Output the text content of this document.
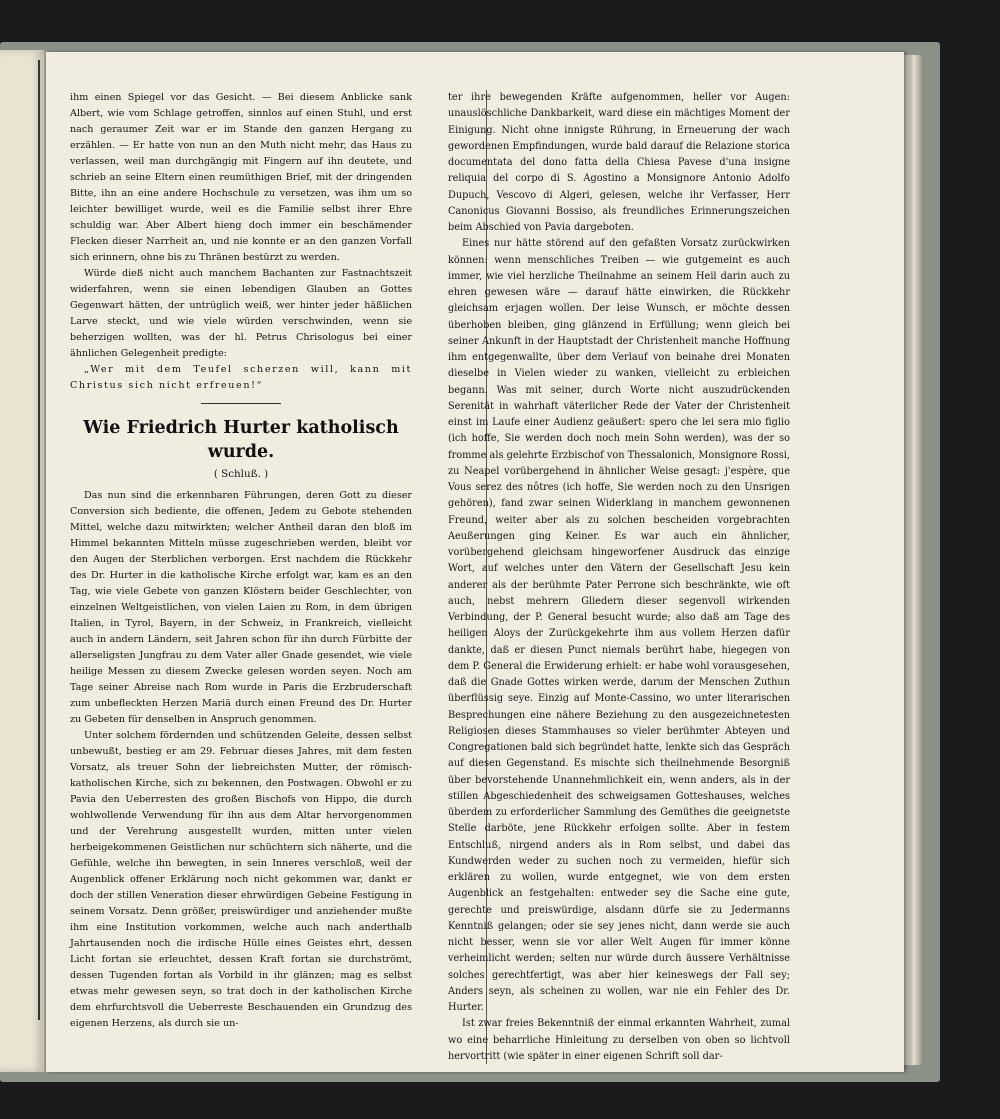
ihm einen Spiegel vor das Gesicht. — Bei diesem Anblicke sank Albert, wie vom Schlage getroffen, sinnlos auf einen Stuhl, und erst nach geraumer Zeit war er im Stande den ganzen Hergang zu erzählen. — Er hatte von nun an den Muth nicht mehr, das Haus zu verlassen, weil man durchgängig mit Fingern auf ihn deutete, und schrieb an seine Eltern einen reumüthigen Brief, mit der dringenden Bitte, ihn an eine andere Hochschule zu versetzen, was ihm um so leichter bewilliget wurde, weil es die Familie selbst ihrer Ehre schuldig war. Aber Albert hieng doch immer ein beschämender Flecken dieser Narrheit an, und nie konnte er an den ganzen Vorfall sich erinnern, ohne bis zu Thränen bestürzt zu werden.

Würde dieß nicht auch manchem Bachanten zur Fastnachtszeit widerfahren, wenn sie einen lebendigen Glauben an Gottes Gegenwart hätten, der untrüglich weiß, wer hinter jeder häßlichen Larve steckt, und wie viele würden verschwinden, wenn sie beherzigen wollten, was der hl. Petrus Chrisologus bei einer ähnlichen Gelegenheit predigte:

„Wer mit dem Teufel scherzen will, kann mit Christus sich nicht erfreuen!“

Wie Friedrich Hurter katholisch wurde.
( Schluß. )

Das nun sind die erkennbaren Führungen, deren Gott zu dieser Conversion sich bediente, die offenen, Jedem zu Gebote stehenden Mittel, welche dazu mitwirkten; welcher Antheil daran den bloß im Himmel bekannten Mitteln müsse zugeschrieben werden, bleibt vor den Augen der Sterblichen verborgen. Erst nachdem die Rückkehr des Dr. Hurter in die katholische Kirche erfolgt war, kam es an den Tag, wie viele Gebete von ganzen Klöstern beider Geschlechter, von einzelnen Weltgeistlichen, von vielen Laien zu Rom, in dem übrigen Italien, in Tyrol, Bayern, in der Schweiz, in Frankreich, vielleicht auch in andern Ländern, seit Jahren schon für ihn durch Fürbitte der allerseligsten Jungfrau zu dem Vater aller Gnade gesendet, wie viele heilige Messen zu diesem Zwecke gelesen worden seyen. Noch am Tage seiner Abreise nach Rom wurde in Paris die Erzbruderschaft zum unbefleckten Herzen Mariä durch einen Freund des Dr. Hurter zu Gebeten für denselben in Anspruch genommen.

Unter solchem fördernden und schützenden Geleite, dessen selbst unbewußt, bestieg er am 29. Februar dieses Jahres, mit dem festen Vorsatz, als treuer Sohn der liebreichsten Mutter, der römisch-katholischen Kirche, sich zu bekennen, den Postwagen. Obwohl er zu Pavia den Ueberresten des großen Bischofs von Hippo, die durch wohlwollende Verwendung für ihn aus dem Altar hervorgenommen und der Verehrung ausgestellt wurden, mitten unter vielen herbeigekommenen Geistlichen nur schüchtern sich näherte, und die Gefühle, welche ihn bewegten, in sein Inneres verschloß, weil der Augenblick offener Erklärung noch nicht gekommen war, dankt er doch der stillen Veneration dieser ehrwürdigen Gebeine Festigung in seinem Vorsatz. Denn größer, preiswürdiger und anziehender mußte ihm eine Institution vorkommen, welche auch nach anderthalb Jahrtausenden noch die irdische Hülle eines Geistes ehrt, dessen Licht fortan sie erleuchtet, dessen Kraft fortan sie durchströmt, dessen Tugenden fortan als Vorbild in ihr glänzen; mag es selbst etwas mehr gewesen seyn, so trat doch in der katholischen Kirche dem ehrfurchtsvoll die Ueberreste Beschauenden ein Grundzug des eigenen Herzens, als durch sie un-

ter ihre bewegenden Kräfte aufgenommen, heller vor Augen: unauslöschliche Dankbarkeit, ward diese ein mächtiges Moment der Einigung. Nicht ohne innigste Rührung, in Erneuerung der wach gewordenen Empfindungen, wurde bald darauf die Relazione storica documentata del dono fatta della Chiesa Pavese d'una insigne reliquia del corpo di S. Agostino a Monsignore Antonio Adolfo Dupuch, Vescovo di Algeri, gelesen, welche ihr Verfasser, Herr Canonicus Giovanni Bossiso, als freundliches Erinnerungszeichen beim Abschied von Pavia dargeboten.

Eines nur hätte störend auf den gefaßten Vorsatz zurückwirken können: wenn menschliches Treiben — wie gutgemeint es auch immer, wie viel herzliche Theilnahme an seinem Heil darin auch zu ehren gewesen wäre — darauf hätte einwirken, die Rückkehr gleichsam erjagen wollen. Der leise Wunsch, er möchte dessen überhoben bleiben, ging glänzend in Erfüllung; wenn gleich bei seiner Ankunft in der Hauptstadt der Christenheit manche Hoffnung ihm entgegenwallte, über dem Verlauf von beinahe drei Monaten dieselbe in Vielen wieder zu wanken, vielleicht zu erbleichen begann. Was mit seiner, durch Worte nicht auszudrückenden Serenität in wahrhaft väterlicher Rede der Vater der Christenheit einst im Laufe einer Audienz geäußert: spero che lei sera mio figlio (ich hoffe, Sie werden doch noch mein Sohn werden), was der so fromme als gelehrte Erzbischof von Thessalonich, Monsignore Rossi, zu Neapel vorübergehend in ähnlicher Weise gesagt: j'espère, que Vous serez des nôtres (ich hoffe, Sie werden noch zu den Unsrigen gehören), fand zwar seinen Widerklang in manchem gewonnenen Freund, weiter aber als zu solchen bescheiden vorgebrachten Aeußerungen ging Keiner. Es war auch ein ähnlicher, vorübergehend gleichsam hingeworfener Ausdruck das einzige Wort, auf welches unter den Vätern der Gesellschaft Jesu kein anderer als der berühmte Pater Perrone sich beschränkte, wie oft auch, nebst mehrern Gliedern dieser segenvoll wirkenden Verbindung, der P. General besucht wurde; also daß am Tage des heiligen Aloys der Zurückgekehrte ihm aus vollem Herzen dafür dankte, daß er diesen Punct niemals berührt habe, hiegegen von dem P. General die Erwiderung erhielt: er habe wohl vorausgesehen, daß die Gnade Gottes wirken werde, darum der Menschen Zuthun überflüssig seye. Einzig auf Monte-Cassino, wo unter literarischen Besprechungen eine nähere Beziehung zu den ausgezeichnetesten Religiosen dieses Stammhauses so vieler berühmter Abteyen und Congregationen bald sich begründet hatte, lenkte sich das Gespräch auf diesen Gegenstand. Es mischte sich theilnehmende Besorgniß über bevorstehende Unannehmlichkeit ein, wenn anders, als in der stillen Abgeschiedenheit des schweigsamen Gotteshauses, welches überdem zu erforderlicher Sammlung des Gemüthes die geeignetste Stelle darböte, jene Rückkehr erfolgen sollte. Aber in festem Entschluß, nirgend anders als in Rom selbst, und dabei das Kundwerden weder zu suchen noch zu vermeiden, hiefür sich erklären zu wollen, wurde entgegnet, wie von dem ersten Augenblick an festgehalten: entweder sey die Sache eine gute, gerechte und preiswürdige, alsdann dürfe sie zu Jedermanns Kenntniß gelangen; oder sie sey jenes nicht, dann werde sie auch nicht besser, wenn sie vor aller Welt Augen für immer könne verheimlicht werden; selten nur würde durch äussere Verhältnisse solches gerechtfertigt, was aber hier keineswegs der Fall sey; Anders seyn, als scheinen zu wollen, war nie ein Fehler des Dr. Hurter.

Ist zwar freies Bekenntniß der einmal erkannten Wahrheit, zumal wo eine beharrliche Hinleitung zu derselben von oben so lichtvoll hervortritt (wie später in einer eigenen Schrift soll dar-
